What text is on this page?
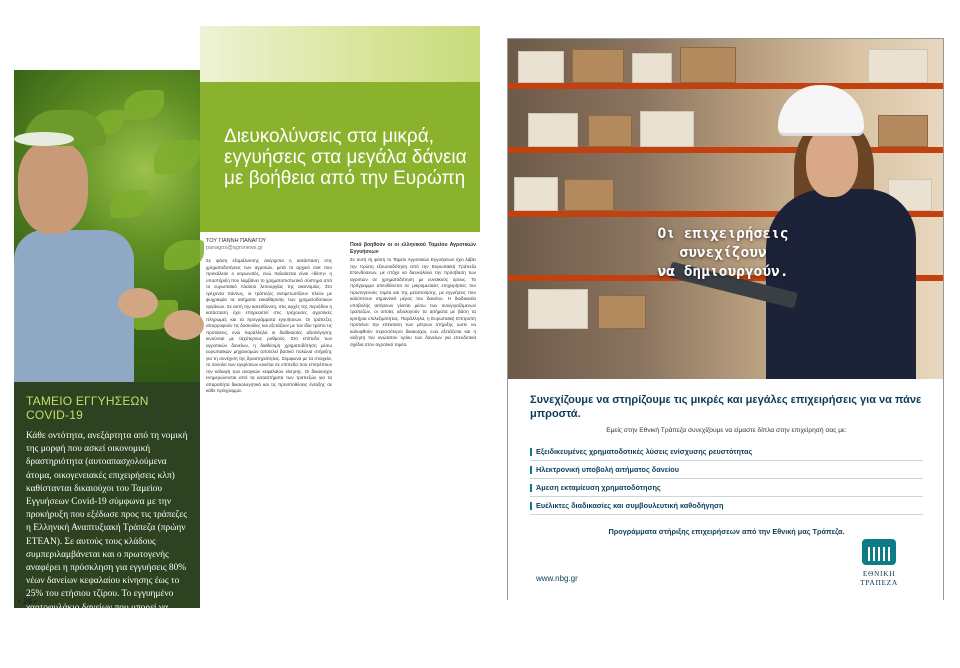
Διευκολύνσεις στα μικρά, εγγυήσεις στα μεγάλα δάνεια με βοήθεια από την Ευρώπη
ΤΑΜΕΙΟ ΕΓΓΥΗΣΕΩΝ COVID-19

Κάθε οντότητα, ανεξάρτητα από τη νομική της μορφή που ασκεί οικονομική δραστηριότητα (αυτοαπασχολούμενα άτομα, οικογενειακές επιχειρήσεις κλπ) καθίστανται δικαιούχοι του Ταμείου Εγγυήσεων Covid-19 σύμφωνα με την προκήρυξη που εξέδωσε προς τις τράπεζες η Ελληνική Αναπτυξιακή Τράπεζα (πρώην ΕΤΕΑΝ). Σε αυτούς τους κλάδους συμπεριλαμβάνεται και ο πρωτογενής αναφέρει η πρόσκληση για εγγυήσεις 80% νέων δανείων κεφαλαίου κίνησης έως το 25% του ετήσιου τζίρου. Το εγγυημένο χαρτοφυλάκιο δανείων που μπορεί να εκδοσει κάθε τράπεζα θα είναι περιορισμένο και έτσι μένει να φανεί πόσοι αγρότες τελικά θα δουν το χρώμα του χρήματος.

ΤΟΥ ΓΙΑΝΝΗ ΠΑΝΑΓΟΥ
panagos@agronews.gr

Σε φάση εξομάλυνσης ανέρχεται η κατάσταση στις χρηματοδοτήσεις των αγροτών, μετά το αρχικό σοκ που προκάλεσε ο κορωνοϊός, ενώ παλαίσεται είναι «θέση» η υποστήριξη που λαμβάνει το χρηματοπιστωτικό σύστημα από το ευρωπαϊκό πλαίσιο λειτουργίας της οικονομίας. Στο τρέχοντα πάντως, οι τράπεζες αντιμετωπίζουν πλέον με ψυχραιμία τα αιτήματα εκκαθάρισης των χρηματοδοτικών οργάνων. Σε αυτή την κατεύθυνση, στις αρχές της περιόδου η κατάσταση έχει επηρεαστεί στις τρέχουσες αγροτικές πληρωμές και τα προγράμματα εγγυήσεων. Οι τράπεζες απορροφούν τις δυσκολίες και εξετάζουν με τον ίδιο τρόπο τις προτάσεις, ενώ παράλληλα οι διαδικασίες αξιολόγησης κινούνται με ταχύτερους ρυθμούς. Στο επίπεδο των αγροτικών δανείων, η διαθέσιμη χρηματοδότηση μέσω ευρωπαϊκών μηχανισμών αποτελεί βασικό πυλώνα στήριξης για τη συνέχιση της δραστηριότητας. Σύμφωνα με τα στοιχεία, το σύνολο των εγκρίσεων κινείται σε επίπεδα που επιτρέπουν την κάλυψη των αναγκών κεφαλαίου κίνησης. Οι δικαιούχοι ενημερώνονται από τα καταστήματα των τραπεζών για τα απαραίτητα δικαιολογητικά και τις προϋποθέσεις ένταξης σε κάθε πρόγραμμα.

Ποιά βοηθούν οι οι ελληνικού Ταμείου Αγροτικών Εγγυήσεων

Σε αυτή τη φάση το Ταμείο Αγροτικών Εγγυήσεων έχει λάβει την πρώτη εξουσιοδότηση από την Ευρωπαϊκή Τράπεζα Επενδύσεων, με στόχο να διευκολύνει την πρόσβαση των αγροτών σε χρηματοδότηση με ευνοϊκούς όρους. Το πρόγραμμα απευθύνεται σε μικρομεσαίες επιχειρήσεις του πρωτογενούς τομέα και της μεταποίησης, με εγγυήσεις που καλύπτουν σημαντικό μέρος του δανείου. Η διαδικασία υποβολής αιτήσεων γίνεται μέσω των συνεργαζόμενων τραπεζών, οι οποίες αξιολογούν τα αιτήματα με βάση τα κριτήρια επιλεξιμότητας. Παράλληλα, η Ευρωπαϊκή Επιτροπή προτείνει την επέκταση των μέτρων στήριξης ώστε να καλυφθούν περισσότεροι δικαιούχοι, ενώ εξετάζεται και η αύξηση του ανώτατου ορίου των δανείων για επενδυτικά σχέδια στον αγροτικό τομέα.

• 24 •
Οι επιχειρήσεις συνεχίζουν
να δημιουργούν.
Συνεχίζουμε να στηρίζουμε τις μικρές και μεγάλες επιχειρήσεις για να πάνε μπροστά.
Εμείς στην Εθνική Τράπεζα συνεχίζουμε να είμαστε δίπλα στην επιχείρησή σας με:
Εξειδικευμένες χρηματοδοτικές λύσεις ενίσχυσης ρευστότητας
Ηλεκτρονική υποβολή αιτήματος δανείου
Άμεση εκταμίευση χρηματοδότησης
Ευέλικτες διαδικασίες και συμβουλευτική καθοδήγηση
Προγράμματα στήριξης επιχειρήσεων από την Εθνική μας Τράπεζα.
www.nbg.gr
ΕΘΝΙΚΗ ΤΡΑΠΕΖΑ
